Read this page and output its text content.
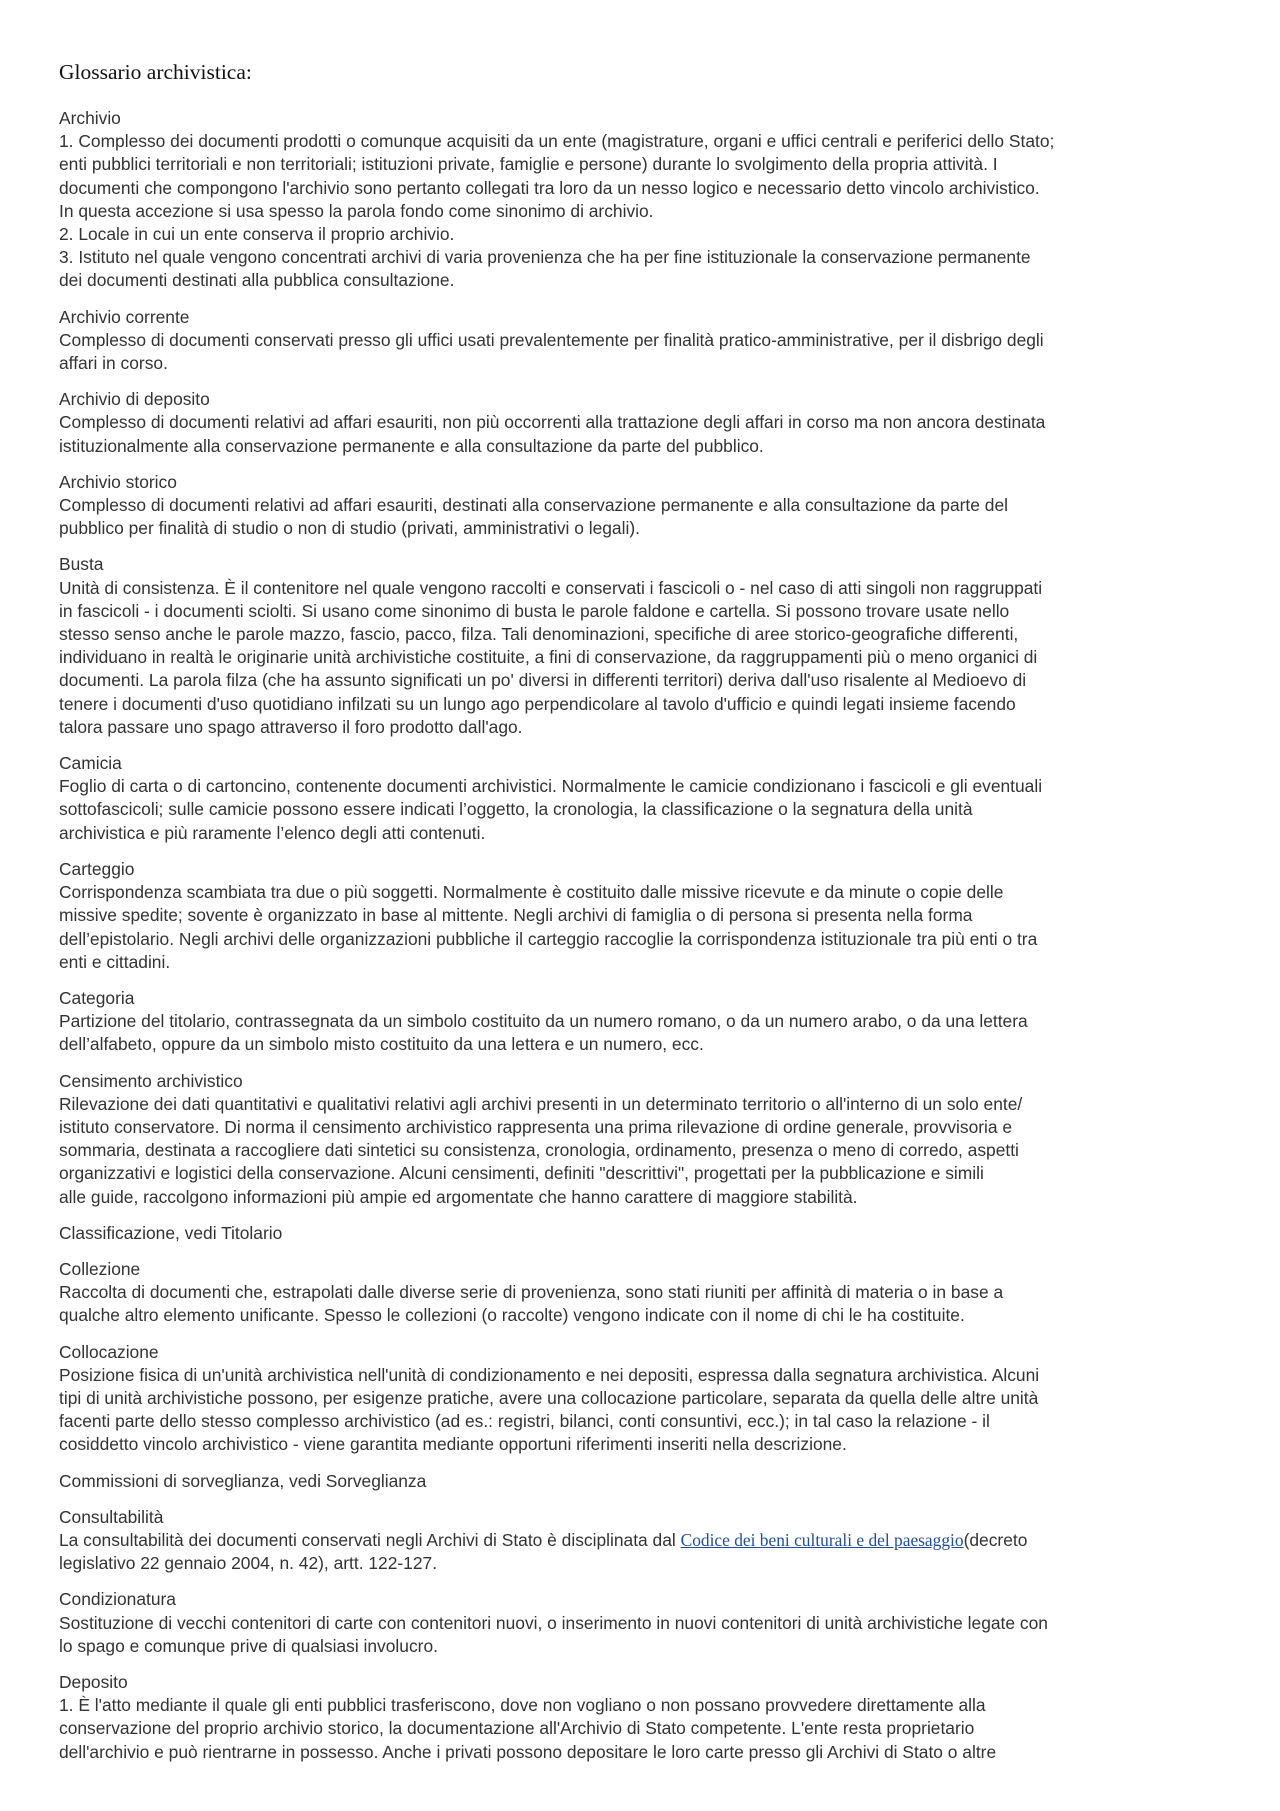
Glossario archivistica:
Archivio
1. Complesso dei documenti prodotti o comunque acquisiti da un ente (magistrature, organi e uffici centrali e periferici dello Stato;
enti pubblici territoriali e non territoriali; istituzioni private, famiglie e persone) durante lo svolgimento della propria attività. I
documenti che compongono l'archivio sono pertanto collegati tra loro da un nesso logico e necessario detto vincolo archivistico.
In questa accezione si usa spesso la parola fondo come sinonimo di archivio.
2. Locale in cui un ente conserva il proprio archivio.
3. Istituto nel quale vengono concentrati archivi di varia provenienza che ha per fine istituzionale la conservazione permanente
dei documenti destinati alla pubblica consultazione.
Archivio corrente
Complesso di documenti conservati presso gli uffici usati prevalentemente per finalità pratico-amministrative, per il disbrigo degli
affari in corso.
Archivio di deposito
Complesso di documenti relativi ad affari esauriti, non più occorrenti alla trattazione degli affari in corso ma non ancora destinata
istituzionalmente alla conservazione permanente e alla consultazione da parte del pubblico.
Archivio storico
Complesso di documenti relativi ad affari esauriti, destinati alla conservazione permanente e alla consultazione da parte del
pubblico per finalità di studio o non di studio (privati, amministrativi o legali).
Busta
Unità di consistenza. È il contenitore nel quale vengono raccolti e conservati i fascicoli o - nel caso di atti singoli non raggruppati
in fascicoli - i documenti sciolti. Si usano come sinonimo di busta le parole faldone e cartella. Si possono trovare usate nello
stesso senso anche le parole mazzo, fascio, pacco, filza. Tali denominazioni, specifiche di aree storico-geografiche differenti,
individuano in realtà le originarie unità archivistiche costituite, a fini di conservazione, da raggruppamenti più o meno organici di
documenti. La parola filza (che ha assunto significati un po' diversi in differenti territori) deriva dall'uso risalente al Medioevo di
tenere i documenti d'uso quotidiano infilzati su un lungo ago perpendicolare al tavolo d'ufficio e quindi legati insieme facendo
talora passare uno spago attraverso il foro prodotto dall'ago.
Camicia
Foglio di carta o di cartoncino, contenente documenti archivistici. Normalmente le camicie condizionano i fascicoli e gli eventuali
sottofascicoli; sulle camicie possono essere indicati l’oggetto, la cronologia, la classificazione o la segnatura della unità
archivistica e più raramente l’elenco degli atti contenuti.
Carteggio
Corrispondenza scambiata tra due o più soggetti. Normalmente è costituito dalle missive ricevute e da minute o copie delle
missive spedite; sovente è organizzato in base al mittente. Negli archivi di famiglia o di persona si presenta nella forma
dell’epistolario. Negli archivi delle organizzazioni pubbliche il carteggio raccoglie la corrispondenza istituzionale tra più enti o tra
enti e cittadini.
Categoria
Partizione del titolario, contrassegnata da un simbolo costituito da un numero romano, o da un numero arabo, o da una lettera
dell’alfabeto, oppure da un simbolo misto costituito da una lettera e un numero, ecc.
Censimento archivistico
Rilevazione dei dati quantitativi e qualitativi relativi agli archivi presenti in un determinato territorio o all'interno di un solo ente/
istituto conservatore. Di norma il censimento archivistico rappresenta una prima rilevazione di ordine generale, provvisoria e
sommaria, destinata a raccogliere dati sintetici su consistenza, cronologia, ordinamento, presenza o meno di corredo, aspetti
organizzativi e logistici della conservazione. Alcuni censimenti, definiti "descrittivi", progettati per la pubblicazione e simili
alle guide, raccolgono informazioni più ampie ed argomentate che hanno carattere di maggiore stabilità.
Classificazione, vedi Titolario
Collezione
Raccolta di documenti che, estrapolati dalle diverse serie di provenienza, sono stati riuniti per affinità di materia o in base a
qualche altro elemento unificante. Spesso le collezioni (o raccolte) vengono indicate con il nome di chi le ha costituite.
Collocazione
Posizione fisica di un'unità archivistica nell'unità di condizionamento e nei depositi, espressa dalla segnatura archivistica. Alcuni
tipi di unità archivistiche possono, per esigenze pratiche, avere una collocazione particolare, separata da quella delle altre unità
facenti parte dello stesso complesso archivistico (ad es.: registri, bilanci, conti consuntivi, ecc.); in tal caso la relazione - il
cosiddetto vincolo archivistico - viene garantita mediante opportuni riferimenti inseriti nella descrizione.
Commissioni di sorveglianza, vedi Sorveglianza
Consultabilità
La consultabilità dei documenti conservati negli Archivi di Stato è disciplinata dal Codice dei beni culturali e del paesaggio(decreto
legislativo 22 gennaio 2004, n. 42), artt. 122-127.
Condizionatura
Sostituzione di vecchi contenitori di carte con contenitori nuovi, o inserimento in nuovi contenitori di unità archivistiche legate con
lo spago e comunque prive di qualsiasi involucro.
Deposito
1. È l'atto mediante il quale gli enti pubblici trasferiscono, dove non vogliano o non possano provvedere direttamente alla
conservazione del proprio archivio storico, la documentazione all'Archivio di Stato competente. L'ente resta proprietario
dell'archivio e può rientrarne in possesso. Anche i privati possono depositare le loro carte presso gli Archivi di Stato o altre
